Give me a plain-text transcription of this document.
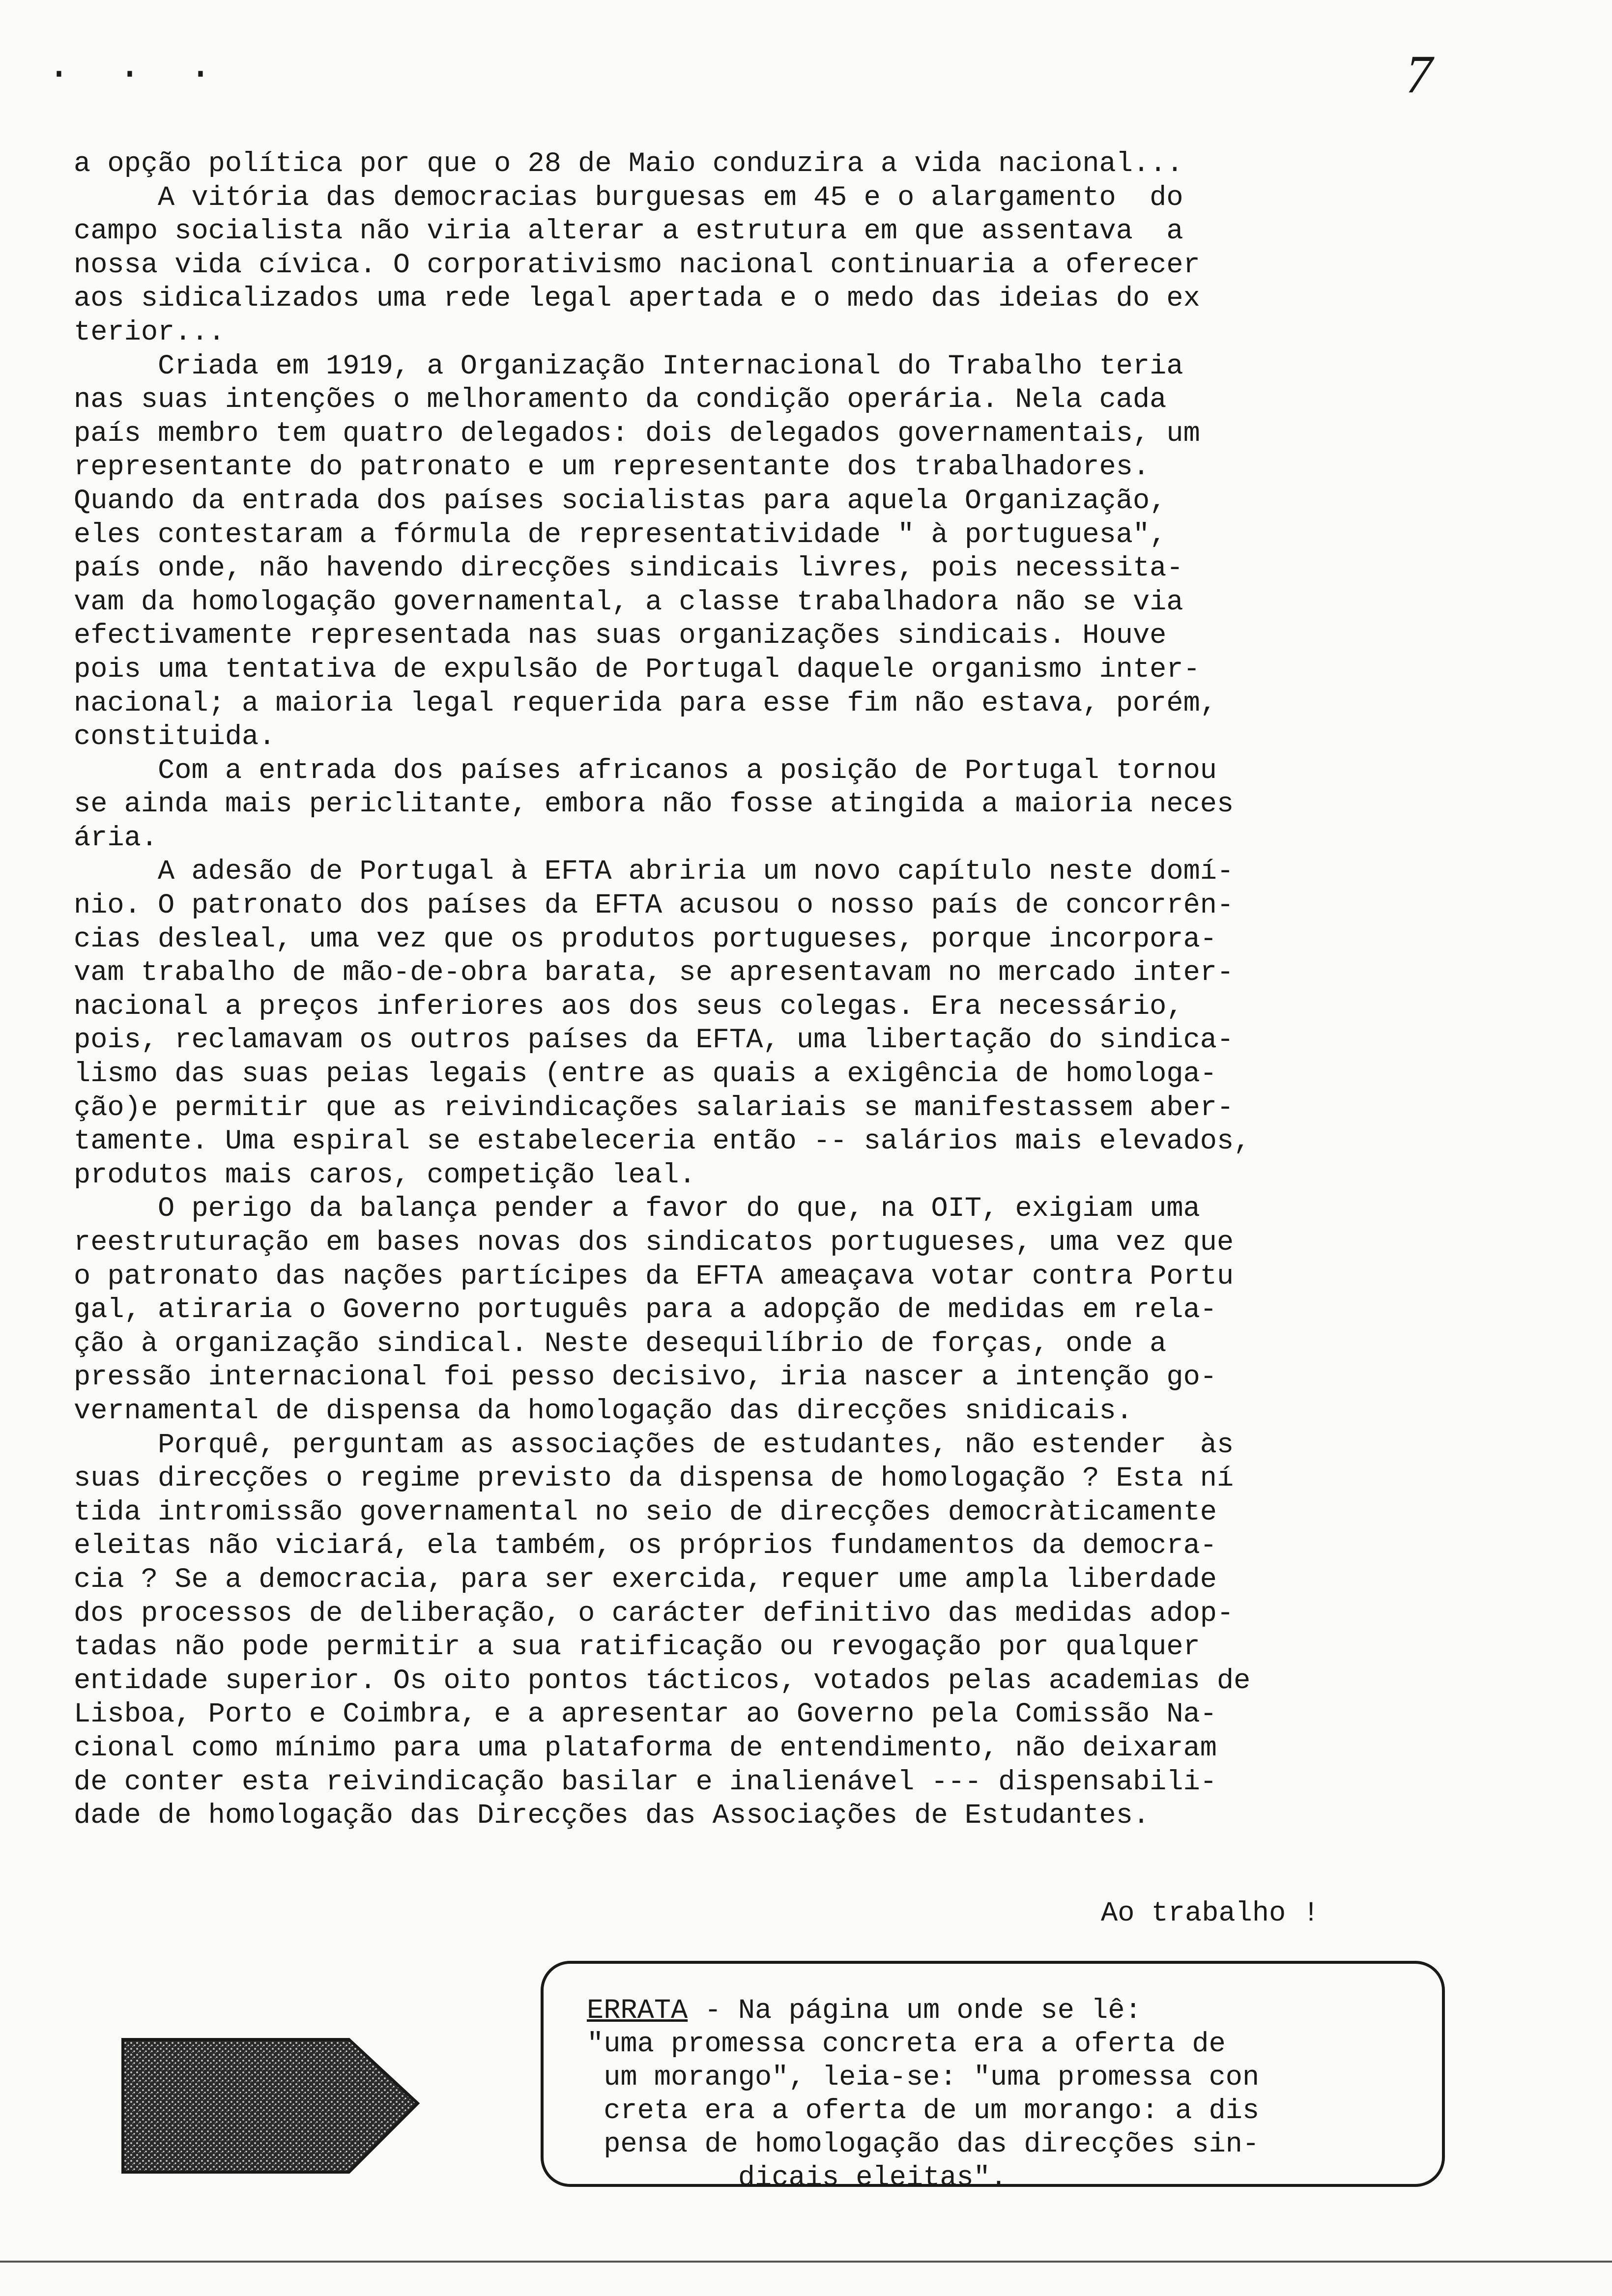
. . .	7
a opção política por que o 28 de Maio conduzira a vida nacional...
A vitória das democracias burguesas em 45 e o alargamento  do
campo socialista não viria alterar a estrutura em que assentava  a
nossa vida cívica. O corporativismo nacional continuaria a oferecer
aos sidicalizados uma rede legal apertada e o medo das ideias do ex
terior...
Criada em 1919, a Organização Internacional do Trabalho teria
nas suas intenções o melhoramento da condição operária. Nela cada
país membro tem quatro delegados: dois delegados governamentais, um
representante do patronato e um representante dos trabalhadores.
Quando da entrada dos países socialistas para aquela Organização,
eles contestaram a fórmula de representatividade " à portuguesa",
país onde, não havendo direcções sindicais livres, pois necessita-
vam da homologação governamental, a classe trabalhadora não se via
efectivamente representada nas suas organizações sindicais. Houve
pois uma tentativa de expulsão de Portugal daquele organismo inter-
nacional; a maioria legal requerida para esse fim não estava, porém,
constituida.
Com a entrada dos países africanos a posição de Portugal tornou
se ainda mais periclitante, embora não fosse atingida a maioria neces
ária.
A adesão de Portugal à EFTA abriria um novo capítulo neste domí-
nio. O patronato dos países da EFTA acusou o nosso país de concorrên-
cias desleal, uma vez que os produtos portugueses, porque incorpora-
vam trabalho de mão-de-obra barata, se apresentavam no mercado inter-
nacional a preços inferiores aos dos seus colegas. Era necessário,
pois, reclamavam os outros países da EFTA, uma libertação do sindica-
lismo das suas peias legais (entre as quais a exigência de homologa-
ção)e permitir que as reivindicações salariais se manifestassem aber-
tamente. Uma espiral se estabeleceria então -- salários mais elevados,
produtos mais caros, competição leal.
O perigo da balança pender a favor do que, na OIT, exigiam uma
reestruturação em bases novas dos sindicatos portugueses, uma vez que
o patronato das nações partícipes da EFTA ameaçava votar contra Portu
gal, atiraria o Governo português para a adopção de medidas em rela-
ção à organização sindical. Neste desequilíbrio de forças, onde a
pressão internacional foi pesso decisivo, iria nascer a intenção go-
vernamental de dispensa da homologação das direcções snidicais.
Porquê, perguntam as associações de estudantes, não estender  às
suas direcções o regime previsto da dispensa de homologação ? Esta ní
tida intromissão governamental no seio de direcções democràticamente
eleitas não viciará, ela também, os próprios fundamentos da democra-
cia ? Se a democracia, para ser exercida, requer ume ampla liberdade
dos processos de deliberação, o carácter definitivo das medidas adop-
tadas não pode permitir a sua ratificação ou revogação por qualquer
entidade superior. Os oito pontos tácticos, votados pelas academias de
Lisboa, Porto e Coimbra, e a apresentar ao Governo pela Comissão Na-
cional como mínimo para uma plataforma de entendimento, não deixaram
de conter esta reivindicação basilar e inalienável --- dispensabili-
dade de homologação das Direcções das Associações de Estudantes.
Ao trabalho !
ERRATA - Na página um onde se lê:
"uma promessa concreta era a oferta de
um morango", leia-se: "uma promessa con
creta era a oferta de um morango: a dis
pensa de homologação das direcções sin-
dicais eleitas".
